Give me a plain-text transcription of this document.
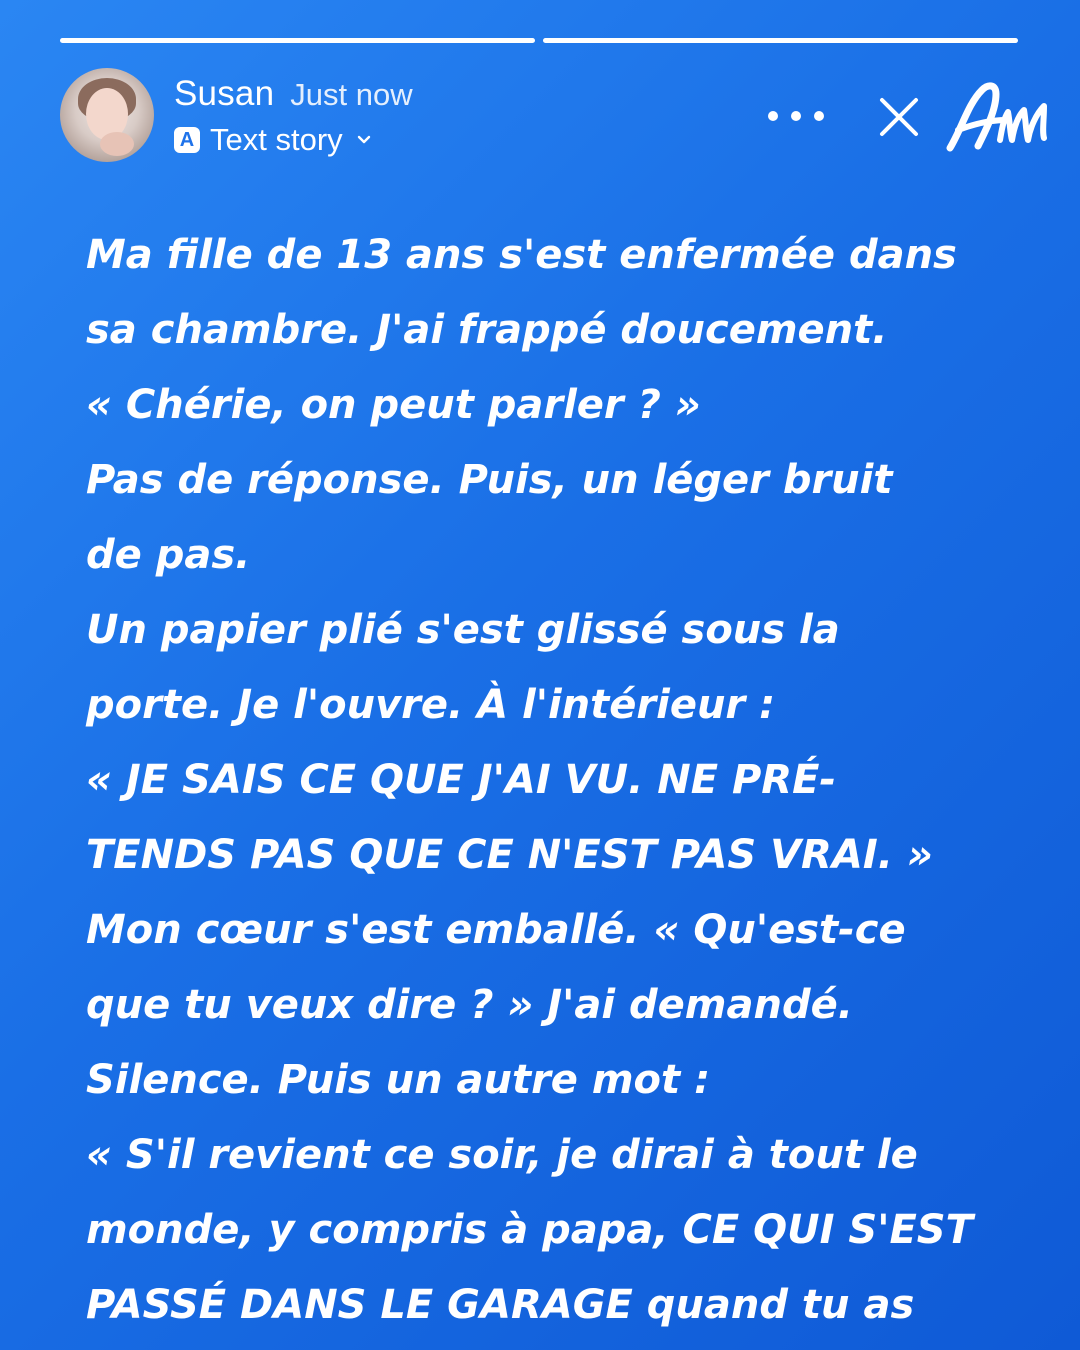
Susan Just now
A Text story
Ma fille de 13 ans s'est enfermée dans
sa chambre. J'ai frappé doucement.
« Chérie, on peut parler ? »
Pas de réponse. Puis, un léger bruit
de pas.
Un papier plié s'est glissé sous la
porte. Je l'ouvre. À l'intérieur :
« JE SAIS CE QUE J'AI VU. NE PRÉ-
TENDS PAS QUE CE N'EST PAS VRAI. »
Mon cœur s'est emballé. « Qu'est-ce
que tu veux dire ? » J'ai demandé.
Silence. Puis un autre mot :
« S'il revient ce soir, je dirai à tout le
monde, y compris à papa, CE QUI S'EST
PASSÉ DANS LE GARAGE quand tu as
